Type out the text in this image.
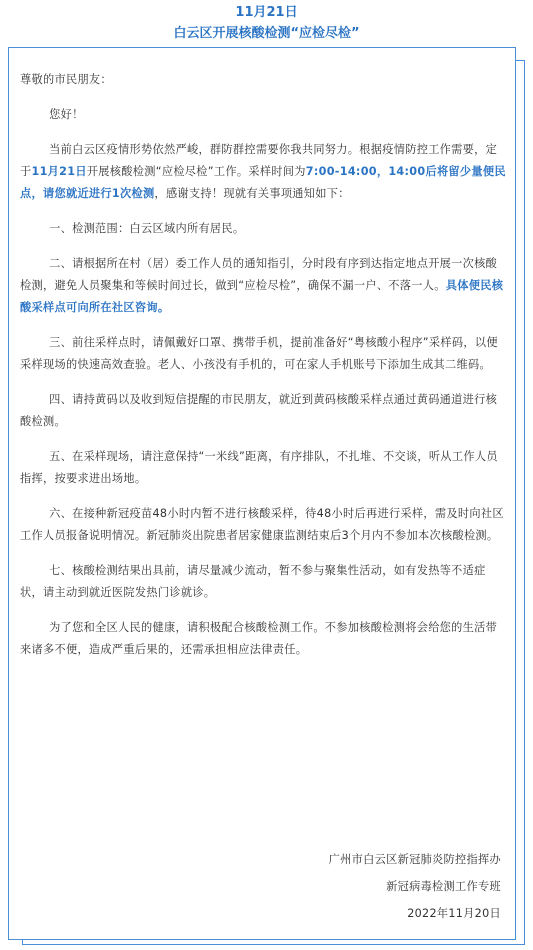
11月21日
白云区开展核酸检测“应检尽检”

尊敬的市民朋友：

您好！

当前白云区疫情形势依然严峻，群防群控需要你我共同努力。根据疫情防控工作需要，定于11月21日开展核酸检测“应检尽检”工作。采样时间为7:00-14:00，14:00后将留少量便民点，请您就近进行1次检测，感谢支持！现就有关事项通知如下：

一、检测范围：白云区域内所有居民。

二、请根据所在村（居）委工作人员的通知指引，分时段有序到达指定地点开展一次核酸检测，避免人员聚集和等候时间过长，做到“应检尽检”，确保不漏一户、不落一人。具体便民核酸采样点可向所在社区咨询。

三、前往采样点时，请佩戴好口罩、携带手机，提前准备好“粤核酸小程序”采样码，以便采样现场的快速高效查验。老人、小孩没有手机的，可在家人手机账号下添加生成其二维码。

四、请持黄码以及收到短信提醒的市民朋友，就近到黄码核酸采样点通过黄码通道进行核酸检测。

五、在采样现场，请注意保持“一米线”距离，有序排队，不扎堆、不交谈，听从工作人员指挥，按要求进出场地。

六、在接种新冠疫苗48小时内暂不进行核酸采样，待48小时后再进行采样，需及时向社区工作人员报备说明情况。新冠肺炎出院患者居家健康监测结束后3个月内不参加本次核酸检测。

七、核酸检测结果出具前，请尽量减少流动，暂不参与聚集性活动，如有发热等不适症状，请主动到就近医院发热门诊就诊。

为了您和全区人民的健康，请积极配合核酸检测工作。不参加核酸检测将会给您的生活带来诸多不便，造成严重后果的，还需承担相应法律责任。

广州市白云区新冠肺炎防控指挥办
新冠病毒检测工作专班
2022年11月20日
